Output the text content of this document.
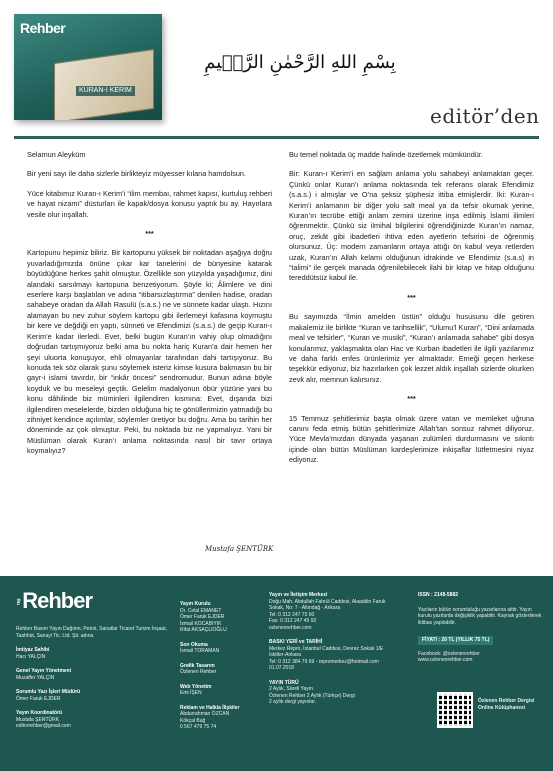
Rehber
KURAN-I KERİM
بِسْمِ اللهِ الرَّحْمٰنِ الرَّح۪يمِ
editör’den

Selamun Aleyküm

Bir yeni sayı ile daha sizlerle birlikteyiz müyesser kılana hamdolsun.

Yüce kitabımız Kuran-ı Kerim’i “ilim membaı, rahmet kapısı, kurtuluş rehberi ve hayat nizamı” düsturları ile kapak/dosya konusu yaptık bu ay. Hayırlara vesile olur inşallah.

***

Kartopunu hepimiz biliriz. Bir kartopunu yüksek bir noktadan aşağıya doğru yuvarladığımızda önüne çıkar kar tanelerini de bünyesine katarak büyüdüğüne herkes şahit olmuştur. Özellikle son yüzyılda yaşadığımız, dini alandaki sarsılmayı kartopuna benzetiyorum. Şöyle ki; Âlimlere ve dini eserlere karşı başlatılan ve adına “itibarsızlaştırma” denilen hadise, oradan sahabeye oradan da Allah Rasulü (s.a.s.) ne ve sünnete kadar ulaştı. Hızını alamayan bu nev zuhur söylem kartopu gibi ilerlemeyi kafasına koymuştu bir kere ve değdiği en yaptı, sünneti ve Efendimizi (s.a.s.) de geçip Kuran-ı Kerim’e kadar ilerledi. Evet, belki bugün Kuran’ın vahiy olup olmadığını doğrudan tartışmıyoruz belki ama bu nokta hariç Kuran’a dair hemen her şeyi uluorta konuşuyor, ehli olmayanlar tarafından dahi tartışıyoruz. Bu konuda tek söz olarak şunu söylemek isteriz kimse kusura bakmasın bu bir gayr-i islami tavırdır, bir “inkâr öncesi” sendromudur. Bunun adına böyle koyduk ve bu meseleyi geçtik. Gelelim madalyonun öbür yüzüne yani bu konu dâhilinde biz müminleri ilgilendiren kısmına: Evet, dışarıda bizi ilgilendiren meselelerde, bizden olduğuna hiç te gönüllerimizin yatmadığı bu zihniyet kendince açılımlar, söylemler üretiyor bu doğru. Ama bu tarihin her döneminde az çok olmuştur. Peki, bu noktada biz ne yapmalıyız. Yani bir Müslüman olarak Kuran’ı anlama noktasında nasıl bir tavır ortaya koymalıyız?

Mustafa ŞENTÜRK

Bu temel noktada üç madde halinde özetlemek mümkündür.

Bir: Kuran-ı Kerim’i en sağlam anlama yolu sahabeyi anlamaktan geçer. Çünkü onlar Kuran’ı anlama noktasında tek referans olarak Efendimiz (s.a.s.) i almışlar ve O’na şeksiz şüphesiz ittiba etmişlerdir. İki: Kuran-ı Kerim’i anlamanın bir diğer yolu salt meal ya da tefsir okumak yerine, Kuran’ın tecrübe ettiği anlam zemini üzerine inşa edilmiş İslami ilimleri öğrenmektir. Çünkü siz ilmihal bilgilerini öğrendiğinizde Kuran’ın namaz, oruç, zekât gibi ibadetleri ihtiva eden ayetlerin tefsirini de öğrenmiş olursunuz. Üç: modern zamanların ortaya attığı ön kabul veya retlerden uzak, Kuran’ın Allah kelamı olduğunun idrakinde ve Efendimiz (s.a.s) in “talimi” ile gerçek manada öğrenilebilecek ilahi bir kitap ve hitap olduğunu tereddütsüz kabul ile.

***

Bu sayımızda “İlmin amelden üstün” olduğu hususunu dile getiren makalemiz ile birlikte “Kuran ve tarihsellik”, “Ulumu’l Kuran”, “Dini anlamada meal ve tefsirler”, “Kuran ve musiki”, “Kuran’ı anlamada sahabe” gibi dosya konularımız, yaklaşmakta olan Hac ve Kurban ibadetleri ile ilgili yazılarımız ve daha farklı enfes ürünlerimiz yer almaktadır. Emeği geçen herkese teşekkür ediyoruz, biz hazırlarken çok lezzet aldık inşallah sizlerde okurken zevk alır, memnun kalırsınız.

***

15 Temmuz şehitlerimiz başta olmak üzere vatan ve memleket uğruna canını feda etmiş bütün şehitlerimize Allah’tan sonsuz rahmet diliyoruz. Yüce Mevla’mızdan dünyada yaşanan zulümleri durdurmasını ve sıkıntı içinde olan bütün Müslüman kardeşlerimize inkişaflar lütfetmesini niyaz ediyoruz.

DergiRehber
Rehber Basım Yayın Dağıtım, Petrol, Sanatlar Ticaret Turizm İnşaat, Taahhüt, Sanayi Tic. Ltd. Şti. adına
İmtiyaz Sahibi
Hacı YALÇIN
Genel Yayın Yönetmeni
Muzaffer YALÇIN
Sorumlu Yazı İşleri Müdürü
Ömer Faruk EJDER
Yayın Koordinatörü
Mustafa ŞENTÜRK
editorrehber@gmail.com
Yayın Kurulu
Dr. Celal EMANET
Ömer Faruk EJDER
İsmail KOCABIYIK
Rifat AKSAÇLIOĞLU
Son Okuma
İsmail TORAMAN
Grafik Tasarım
Özlenen Rehber
Web Yönetim
Emi İŞEN
Reklam ve Halkla İlişkiler
Abdurrahman ÖZCAN
Kökçal Bağ
0 567 479 75 74
Yayın ve İletişim Merkezi
Doğu Mah. Abdullah Fahrül Caddesi, Alaaddin Faruk Sokak, No: 7 - Altındağ - Ankara
Tel: 0 312 247 75 60
Fax: 0 312 247 45 92
ozlenenrehber.com
BASKI YERİ ve TARİHİ
Merkez Repro, İstanbul Caddesi, Devrez Sokak 1/E İskitler-Ankara
Tel: 0 312 384 79 69 - repromerkez@hotmail.com
01.07.2018
YAYIN TÜRÜ
2 Aylık, Süreli Yayın
Özlenen Rehber 2 Aylık (Türkçe) Dergi
2 aylık dergi yayınlar.
ISSN : 2148-5882
Yazıların bütün sorumluluğu yazarlarına aittir. Yayın kurulu yazılarda değişiklik yapabilir. Kaynak gösterilerek iktibas yapılabilir.
FİYATI : 20 TL (YILLIK 75 TL)
Facebook: @ozlenenrehber
www.ozlenenrehber.com
Özlenen Rehber Dergisi Online Kütüphanesi
